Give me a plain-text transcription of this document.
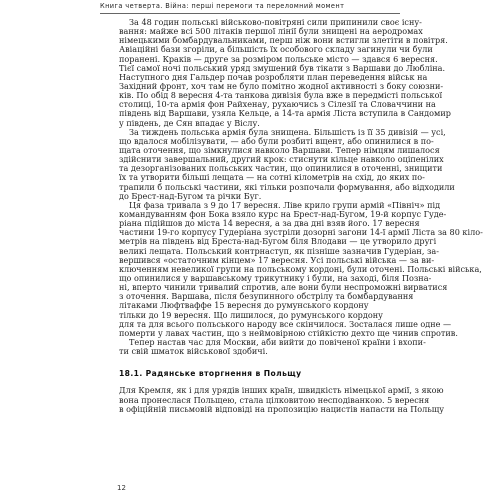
Книга четверта. Війна: перші перемоги та переломний момент
За 48 годин польські військово-повітряні сили припинили своє існу-
вання: майже всі 500 літаків першої лінії були знищені на аеродромах
німецькими бомбардувальниками, перш ніж вони встигли злетіти в повітря.
Авіаційні бази згоріли, а більшість їх особового складу загинули чи були
поранені. Краків — друге за розміром польське місто — здався 6 вересня.
Тієї самої ночі польський уряд змушений був тікати з Варшави до Любліна.
Наступного дня Гальдер почав розробляти план переведення військ на
Західний фронт, хоч там не було помітно жодної активності з боку союзни-
ків. По обід 8 вересня 4-та танкова дивізія була вже в передмісті польської
столиці, 10-та армія фон Райхенау, рухаючись з Сілезії та Словаччини на
південь від Варшави, узяла Кельце, а 14-та армія Ліста вступила в Сандомир
у південь, де Сян впадає у Віслу.
За тиждень польська армія була знищена. Більшість із її 35 дивізій — усі,
що вдалося мобілізувати, — або були розбиті вщент, або опинилися в по-
щата оточення, що зімкнулися навколо Варшави. Тепер німцям лишалося
здійснити завершальний, другий крок: стиснути кільце навколо оціпенілих
та дезорганізованих польських частин, що опинилися в оточенні, знищити
їх та утворити більші лещата — на сотні кілометрів на схід, до яких по-
трапили б польські частини, які тільки розпочали формування, або відходили
до Брест-над-Бугом та річки Буг.
Ця фаза тривала з 9 до 17 вересня. Ліве крило групи армій «Північ» під
командуванням фон Бока взяло курс на Брест-над-Бугом, 19-й корпус Гуде-
ріана підійшов до міста 14 вересня, а за два дні взяв його. 17 вересня
частини 19-го корпусу Гудеріана зустріли дозорні загони 14-ї армії Ліста за 80 кіло-
метрів на південь від Бреста-над-Бугом біля Влодави — це утворило другі
великі лещата. Польський контрнаступ, як пізніше зазначив Гудеріан, за-
вершився «остаточним кінцем» 17 вересня. Усі польські війська — за ви-
ключенням невеликої групи на польському кордоні, були оточені. Польські війська,
що опинилися у варшавському трикутнику і були, на заході, біля Позна-
ні, вперто чинили тривалий спротив, але вони були неспроможні вирватися
з оточення. Варшава, після безупинного обстрілу та бомбардування
літаками Люфтваффе 15 вересня до румунського кордону
тільки до 19 вересня. Що лишилося, до румунського кордону
для та для всього польського народу все скінчилося. Зосталася лише одне —
померти у лавах частин, що з неймовірною стійкістю дехто ще чинив спротив.
Тепер настав час для Москви, аби вийти до повіченої країни і вхопи-
ти свій шматок військової здобичі.
18.1. Радянське вторгнення в Польщу
Для Кремля, як і для урядів інших країн, швидкість німецької армії, з якою
вона пронеслася Польщею, стала цілковитою несподіванкою. 5 вересня
в офіційній письмовій відповіді на пропозицію нацистів напасти на Польщу
12
